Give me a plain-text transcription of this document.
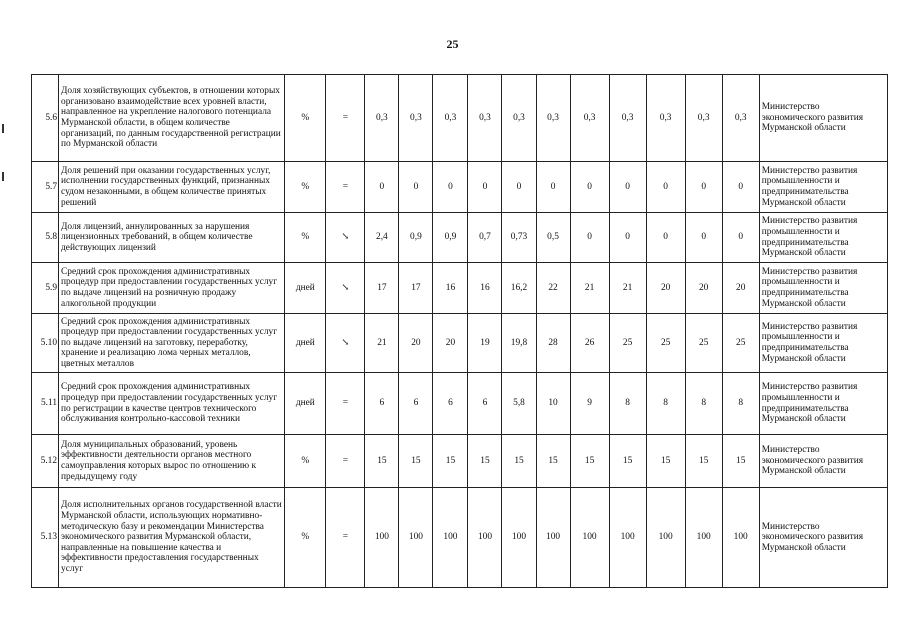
25
5.6	Доля хозяйствующих субъектов, в отношении которых организовано взаимодействие всех уровней власти, направленное на укрепление налогового потенциала Мурманской области, в общем количестве организаций, по данным государственной регистрации по Мурманской области	%	=	0,3	0,3	0,3	0,3	0,3	0,3	0,3	0,3	0,3	0,3	0,3	Министерство экономического развития Мурманской области
5.7	Доля решений при оказании государственных услуг, исполнении государственных функций, признанных судом незаконными, в общем количестве принятых решений	%	=	0	0	0	0	0	0	0	0	0	0	0	Министерство развития промышленности и предпринимательства Мурманской области
5.8	Доля лицензий, аннулированных за нарушения лицензионных требований, в общем количестве действующих лицензий	%	↘	2,4	0,9	0,9	0,7	0,73	0,5	0	0	0	0	0	Министерство развития промышленности и предпринимательства Мурманской области
5.9	Средний срок прохождения административных процедур при предоставлении государственных услуг по выдаче лицензий на розничную продажу алкогольной продукции	дней	↘	17	17	16	16	16,2	22	21	21	20	20	20	Министерство развития промышленности и предпринимательства Мурманской области
5.10	Средний срок прохождения административных процедур при предоставлении государственных услуг по выдаче лицензий на заготовку, переработку, хранение и реализацию лома черных металлов, цветных металлов	дней	↘	21	20	20	19	19,8	28	26	25	25	25	25	Министерство развития промышленности и предпринимательства Мурманской области
5.11	Средний срок прохождения административных процедур при предоставлении государственных услуг по регистрации в качестве центров технического обслуживания контрольно-кассовой техники	дней	=	6	6	6	6	5,8	10	9	8	8	8	8	Министерство развития промышленности и предпринимательства Мурманской области
5.12	Доля муниципальных образований, уровень эффективности деятельности органов местного самоуправления которых вырос по отношению к предыдущему году	%	=	15	15	15	15	15	15	15	15	15	15	15	Министерство экономического развития Мурманской области
5.13	Доля исполнительных органов государственной власти Мурманской области, использующих нормативно-методическую базу и рекомендации Министерства экономического развития Мурманской области, направленные на повышение качества и эффективности предоставления государственных услуг	%	=	100	100	100	100	100	100	100	100	100	100	100	Министерство экономического развития Мурманской области
